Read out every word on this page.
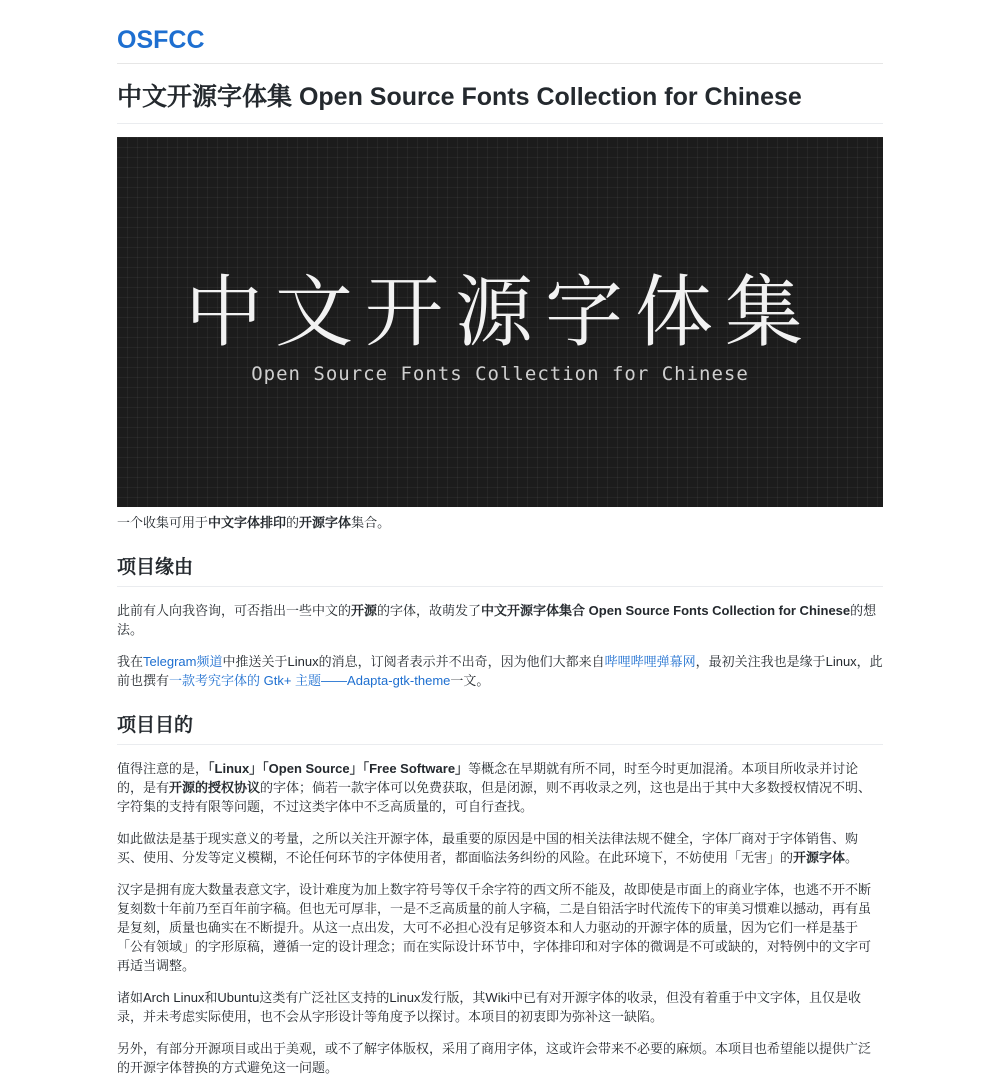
OSFCC
中文开源字体集 Open Source Fonts Collection for Chinese
中文开源字体集
Open Source Fonts Collection for Chinese

一个收集可用于中文字体排印的开源字体集合。

项目缘由

此前有人向我咨询，可否指出一些中文的开源的字体，故萌发了中文开源字体集合 Open Source Fonts Collection for Chinese的想法。

我在Telegram频道中推送关于Linux的消息，订阅者表示并不出奇，因为他们大都来自哔哩哔哩弹幕网，最初关注我也是缘于Linux，此前也撰有一款考究字体的 Gtk+ 主题——Adapta-gtk-theme一文。

项目目的

值得注意的是，「Linux」「Open Source」「Free Software」等概念在早期就有所不同，时至今时更加混淆。本项目所收录并讨论的，是有开源的授权协议的字体；倘若一款字体可以免费获取，但是闭源，则不再收录之列，这也是出于其中大多数授权情况不明、字符集的支持有限等问题，不过这类字体中不乏高质量的，可自行查找。

如此做法是基于现实意义的考量，之所以关注开源字体，最重要的原因是中国的相关法律法规不健全，字体厂商对于字体销售、购买、使用、分发等定义模糊，不论任何环节的字体使用者，都面临法务纠纷的风险。在此环境下，不妨使用「无害」的开源字体。

汉字是拥有庞大数量表意文字，设计难度为加上数字符号等仅千余字符的西文所不能及，故即使是市面上的商业字体，也逃不开不断复刻数十年前乃至百年前字稿。但也无可厚非，一是不乏高质量的前人字稿，二是自铅活字时代流传下的审美习惯难以撼动，再有虽是复刻，质量也确实在不断提升。从这一点出发，大可不必担心没有足够资本和人力驱动的开源字体的质量，因为它们一样是基于「公有领域」的字形原稿，遵循一定的设计理念；而在实际设计环节中，字体排印和对字体的微调是不可或缺的，对特例中的文字可再适当调整。

诸如Arch Linux和Ubuntu这类有广泛社区支持的Linux发行版，其Wiki中已有对开源字体的收录，但没有着重于中文字体，且仅是收录，并未考虑实际使用，也不会从字形设计等角度予以探讨。本项目的初衷即为弥补这一缺陷。

另外，有部分开源项目或出于美观，或不了解字体版权，采用了商用字体，这或许会带来不必要的麻烦。本项目也希望能以提供广泛的开源字体替换的方式避免这一问题。
